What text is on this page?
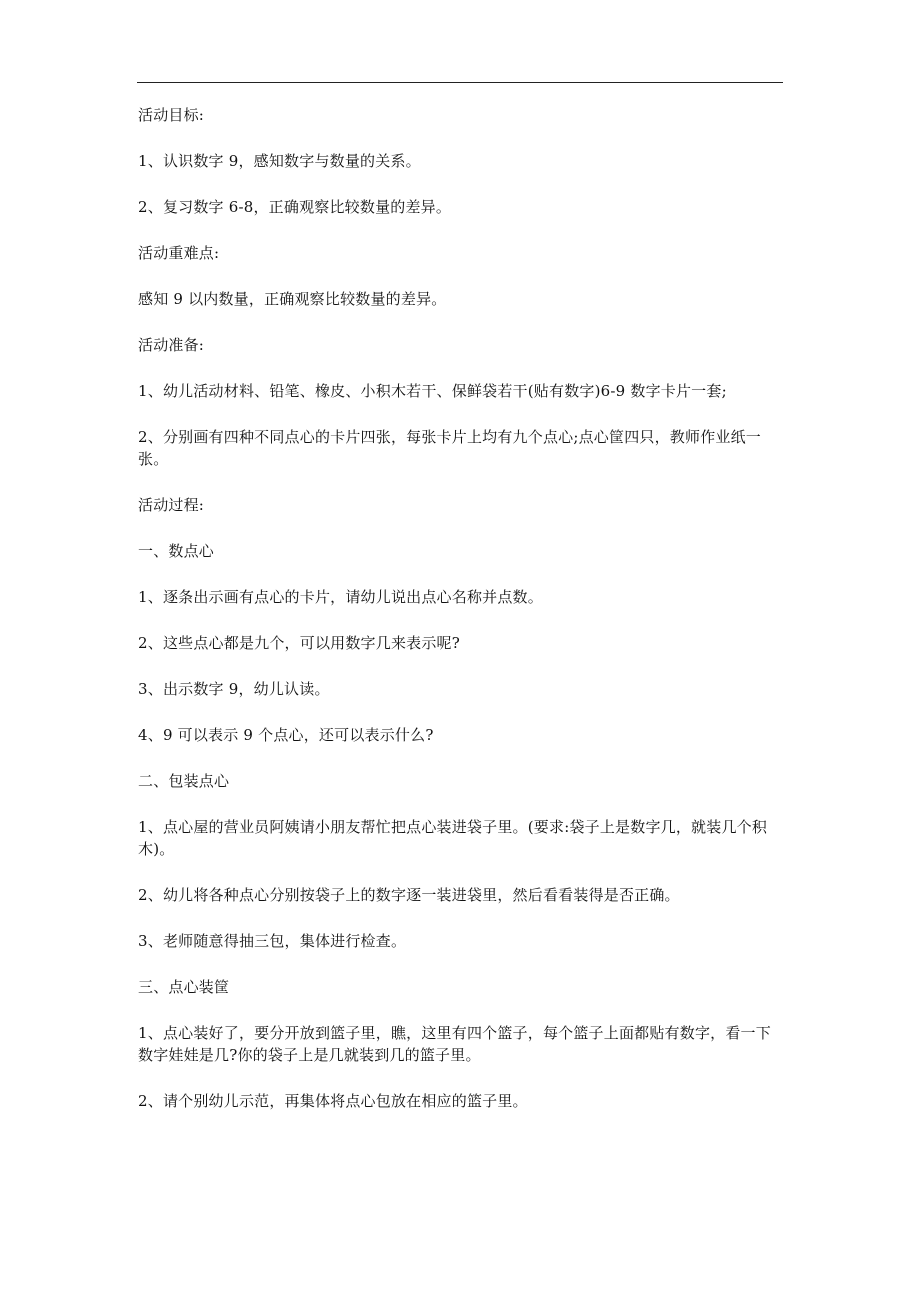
活动目标:

1、认识数字 9，感知数字与数量的关系。

2、复习数字 6-8，正确观察比较数量的差异。

活动重难点:

感知 9 以内数量，正确观察比较数量的差异。

活动准备:

1、幼儿活动材料、铅笔、橡皮、小积木若干、保鲜袋若干(贴有数字)6-9 数字卡片一套;

2、分别画有四种不同点心的卡片四张，每张卡片上均有九个点心;点心筐四只，教师作业纸一张。

活动过程:

一、数点心

1、逐条出示画有点心的卡片，请幼儿说出点心名称并点数。

2、这些点心都是九个，可以用数字几来表示呢?

3、出示数字 9，幼儿认读。

4、9 可以表示 9 个点心，还可以表示什么?

二、包装点心

1、点心屋的营业员阿姨请小朋友帮忙把点心装进袋子里。(要求:袋子上是数字几，就装几个积木)。

2、幼儿将各种点心分别按袋子上的数字逐一装进袋里，然后看看装得是否正确。

3、老师随意得抽三包，集体进行检查。

三、点心装筐

1、点心装好了，要分开放到篮子里，瞧，这里有四个篮子，每个篮子上面都贴有数字，看一下数字娃娃是几?你的袋子上是几就装到几的篮子里。

2、请个别幼儿示范，再集体将点心包放在相应的篮子里。
